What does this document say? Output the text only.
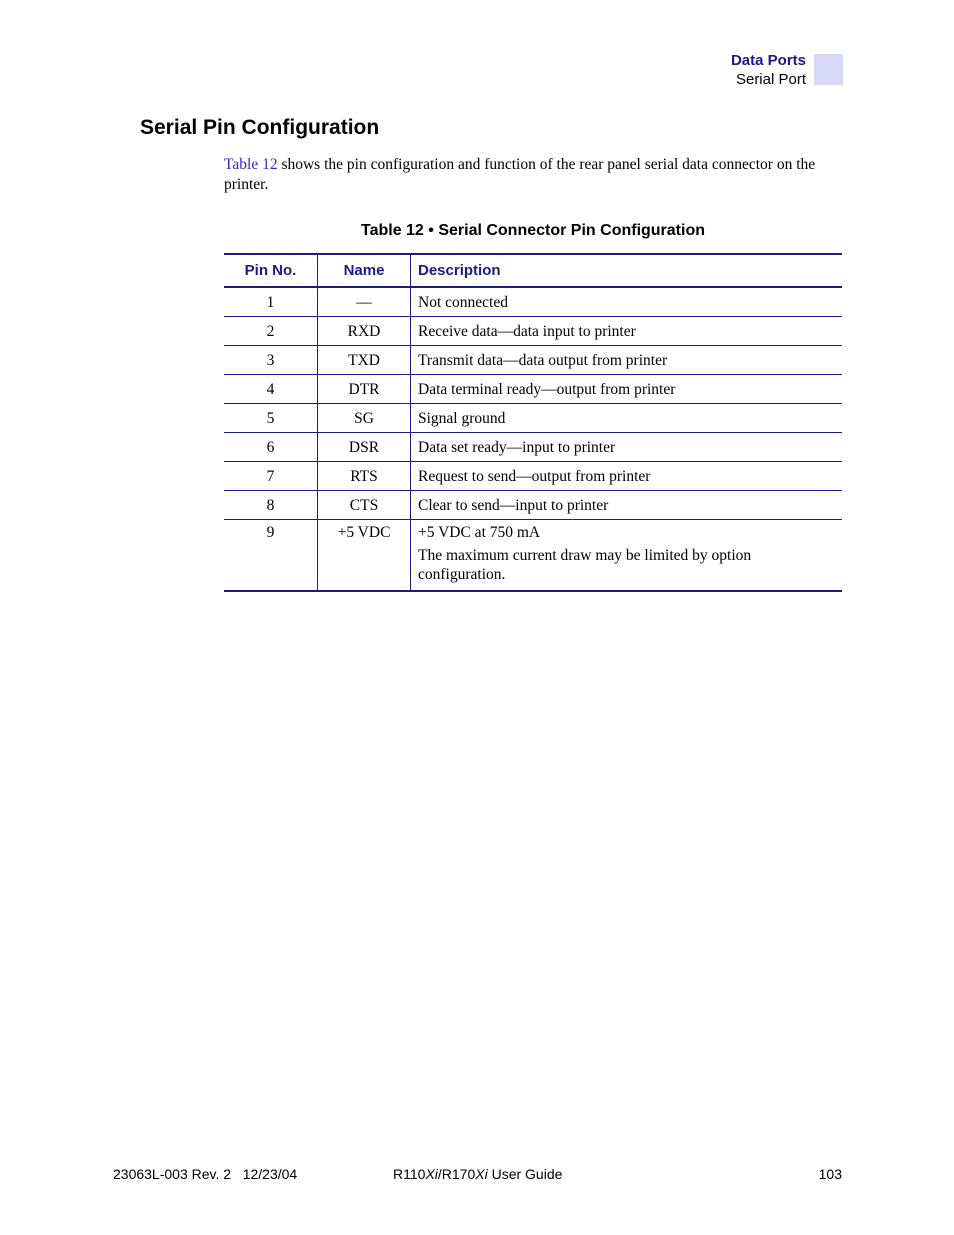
Data Ports
Serial Port
Serial Pin Configuration

Table 12 shows the pin configuration and function of the rear panel serial data connector on the printer.

Table 12 • Serial Connector Pin Configuration
Pin No.	Name	Description
1	—	Not connected
2	RXD	Receive data—data input to printer
3	TXD	Transmit data—data output from printer
4	DTR	Data terminal ready—output from printer
5	SG	Signal ground
6	DSR	Data set ready—input to printer
7	RTS	Request to send—output from printer
8	CTS	Clear to send—input to printer
9	+5 VDC	+5 VDC at 750 mA
The maximum current draw may be limited by option configuration.
23063L-003 Rev. 2   12/23/04	R110Xi/R170Xi User Guide	103
